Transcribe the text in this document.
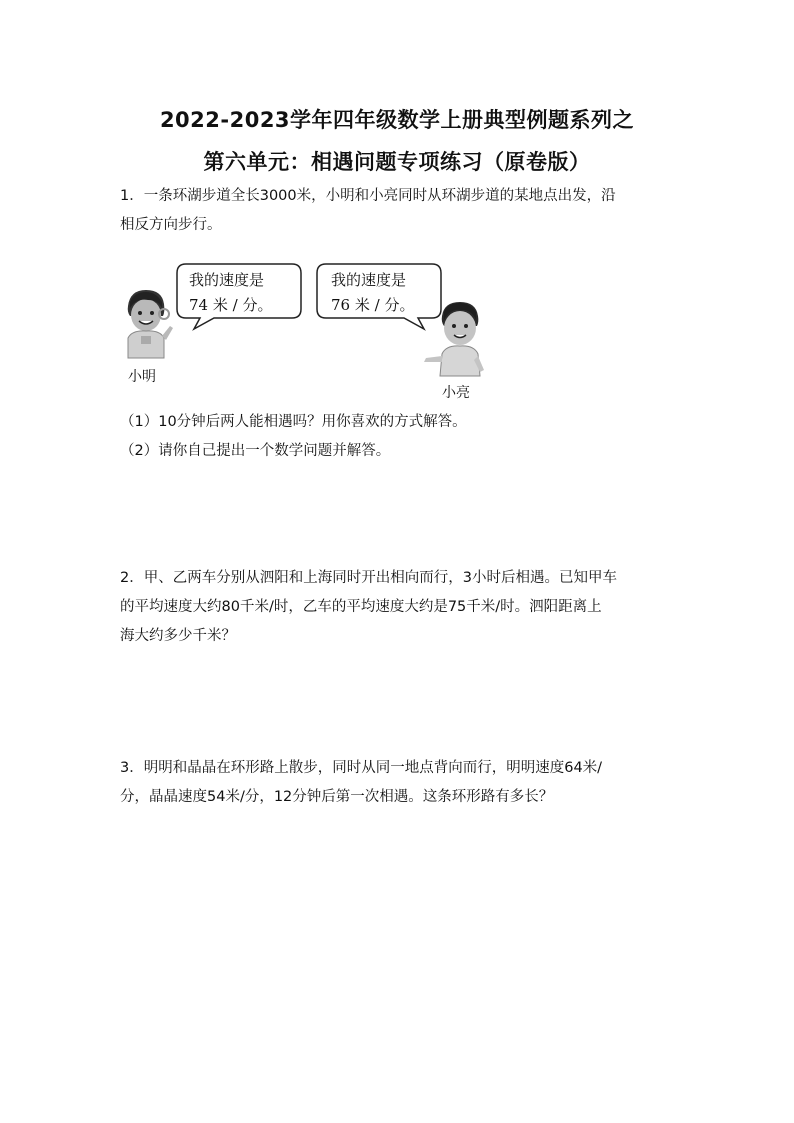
2022-2023学年四年级数学上册典型例题系列之
第六单元：相遇问题专项练习（原卷版）
1．一条环湖步道全长3000米，小明和小亮同时从环湖步道的某地点出发，沿
相反方向步行。
我的速度是
74 米 / 分。
我的速度是
76 米 / 分。
小明
小亮
（1）10分钟后两人能相遇吗？用你喜欢的方式解答。
（2）请你自己提出一个数学问题并解答。
2．甲、乙两车分别从泗阳和上海同时开出相向而行，3小时后相遇。已知甲车
的平均速度大约80千米/时，乙车的平均速度大约是75千米/时。泗阳距离上
海大约多少千米？
3．明明和晶晶在环形路上散步，同时从同一地点背向而行，明明速度64米/
分，晶晶速度54米/分，12分钟后第一次相遇。这条环形路有多长？
